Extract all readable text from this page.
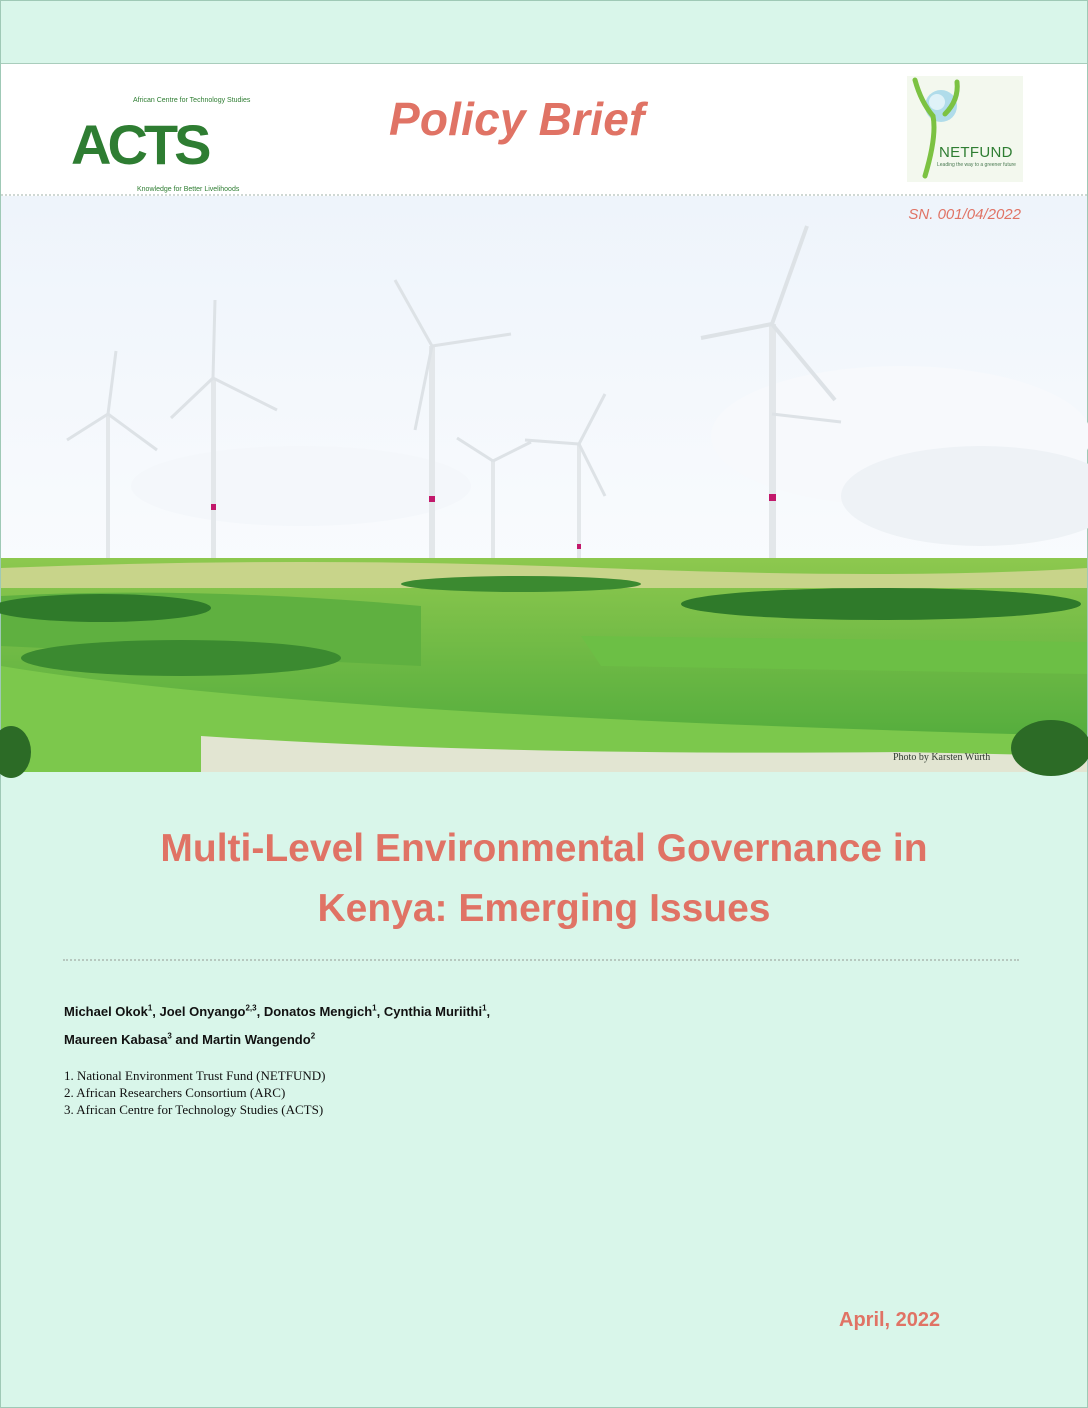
African Centre for Technology Studies
ACTS
Knowledge for Better Livelihoods
Policy Brief
NETFUND
Leading the way to a greener future
SN. 001/04/2022
Photo by Karsten Würth
Multi-Level Environmental Governance in
Kenya: Emerging Issues
Michael Okok$^1$, Joel Onyango$^{2,3}$, Donatos Mengich$^1$, Cynthia Muriithi$^1$,
Maureen Kabasa$^3$ and Martin Wangendo$^2$
1. National Environment Trust Fund (NETFUND)
2. African Researchers Consortium (ARC)
3. African Centre for Technology Studies (ACTS)
April, 2022
